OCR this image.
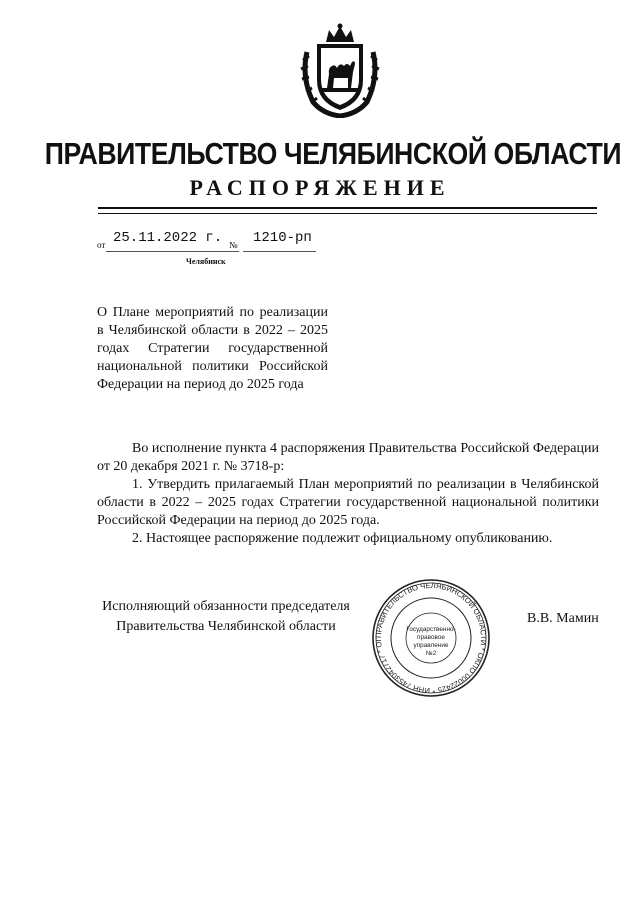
ПРАВИТЕЛЬСТВО ЧЕЛЯБИНСКОЙ ОБЛАСТИ
РАСПОРЯЖЕНИЕ
от 25.11.2022 г. № 1210-рп
Челябинск
О Плане мероприятий по реализации в Челябинской области в 2022 – 2025 годах Стратегии государственной национальной политики Российской Федерации на период до 2025 года
Во исполнение пункта 4 распоряжения Правительства Российской Федерации от 20 декабря 2021 г. № 3718-р:
1. Утвердить прилагаемый План мероприятий по реализации в Челябинской области в 2022 – 2025 годах Стратегии государственной национальной политики Российской Федерации на период до 2025 года.
2. Настоящее распоряжение подлежит официальному опубликованию.
Исполняющий обязанности председателя
Правительства Челябинской области
В.В. Мамин
ПРАВИТЕЛЬСТВО ЧЕЛЯБИНСКОЙ ОБЛАСТИ * ОКПО 00022425 * ИНН 7453042717 * ОГ
Государственно-
правовое
управление
№2
